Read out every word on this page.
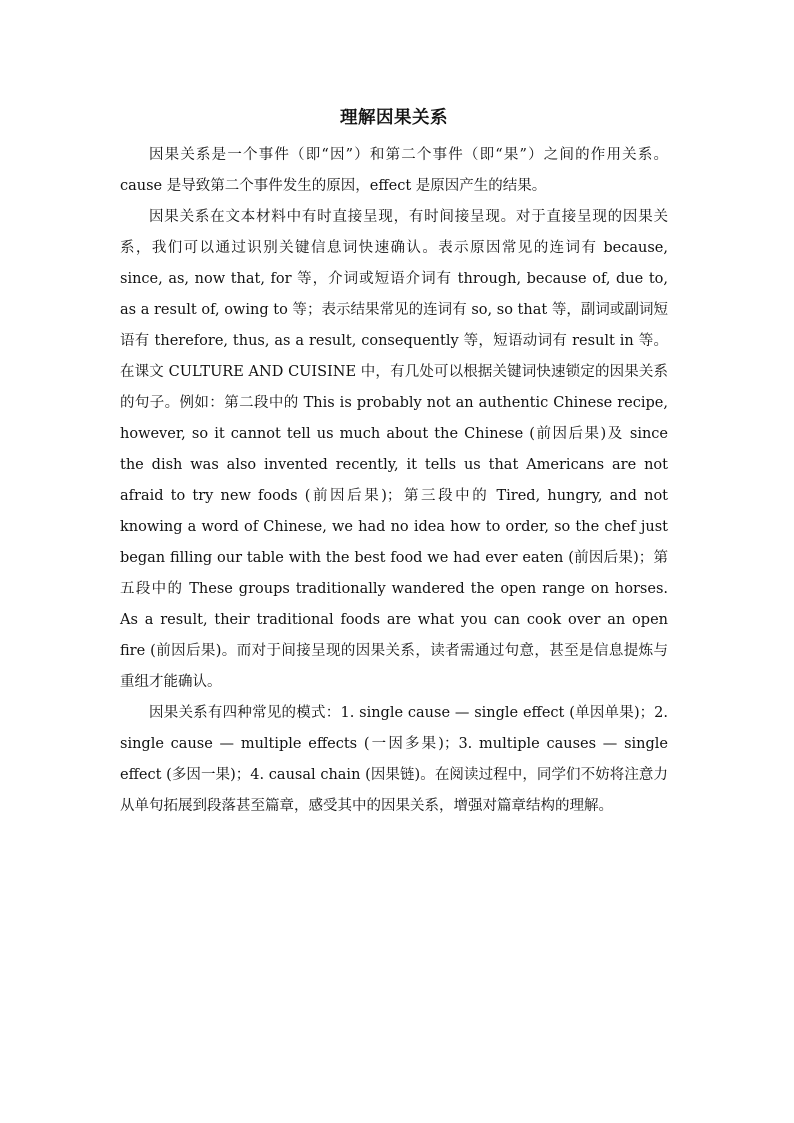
理解因果关系

因果关系是一个事件（即“因”）和第二个事件（即“果”）之间的作用关系。cause 是导致第二个事件发生的原因，effect 是原因产生的结果。

因果关系在文本材料中有时直接呈现，有时间接呈现。对于直接呈现的因果关系，我们可以通过识别关键信息词快速确认。表示原因常见的连词有 because, since, as, now that, for 等，介词或短语介词有 through, because of, due to, as a result of, owing to 等；表示结果常见的连词有 so, so that 等，副词或副词短语有 therefore, thus, as a result, consequently 等，短语动词有 result in 等。在课文 CULTURE AND CUISINE 中，有几处可以根据关键词快速锁定的因果关系的句子。例如：第二段中的 This is probably not an authentic Chinese recipe, however, so it cannot tell us much about the Chinese (前因后果)及 since the dish was also invented recently, it tells us that Americans are not afraid to try new foods (前因后果)；第三段中的 Tired, hungry, and not knowing a word of Chinese, we had no idea how to order, so the chef just began filling our table with the best food we had ever eaten (前因后果)；第五段中的 These groups traditionally wandered the open range on horses. As a result, their traditional foods are what you can cook over an open fire (前因后果)。而对于间接呈现的因果关系，读者需通过句意，甚至是信息提炼与重组才能确认。

因果关系有四种常见的模式：1. single cause — single effect (单因单果)；2. single cause — multiple effects (一因多果)；3. multiple causes — single effect (多因一果)；4. causal chain (因果链)。在阅读过程中，同学们不妨将注意力从单句拓展到段落甚至篇章，感受其中的因果关系，增强对篇章结构的理解。
